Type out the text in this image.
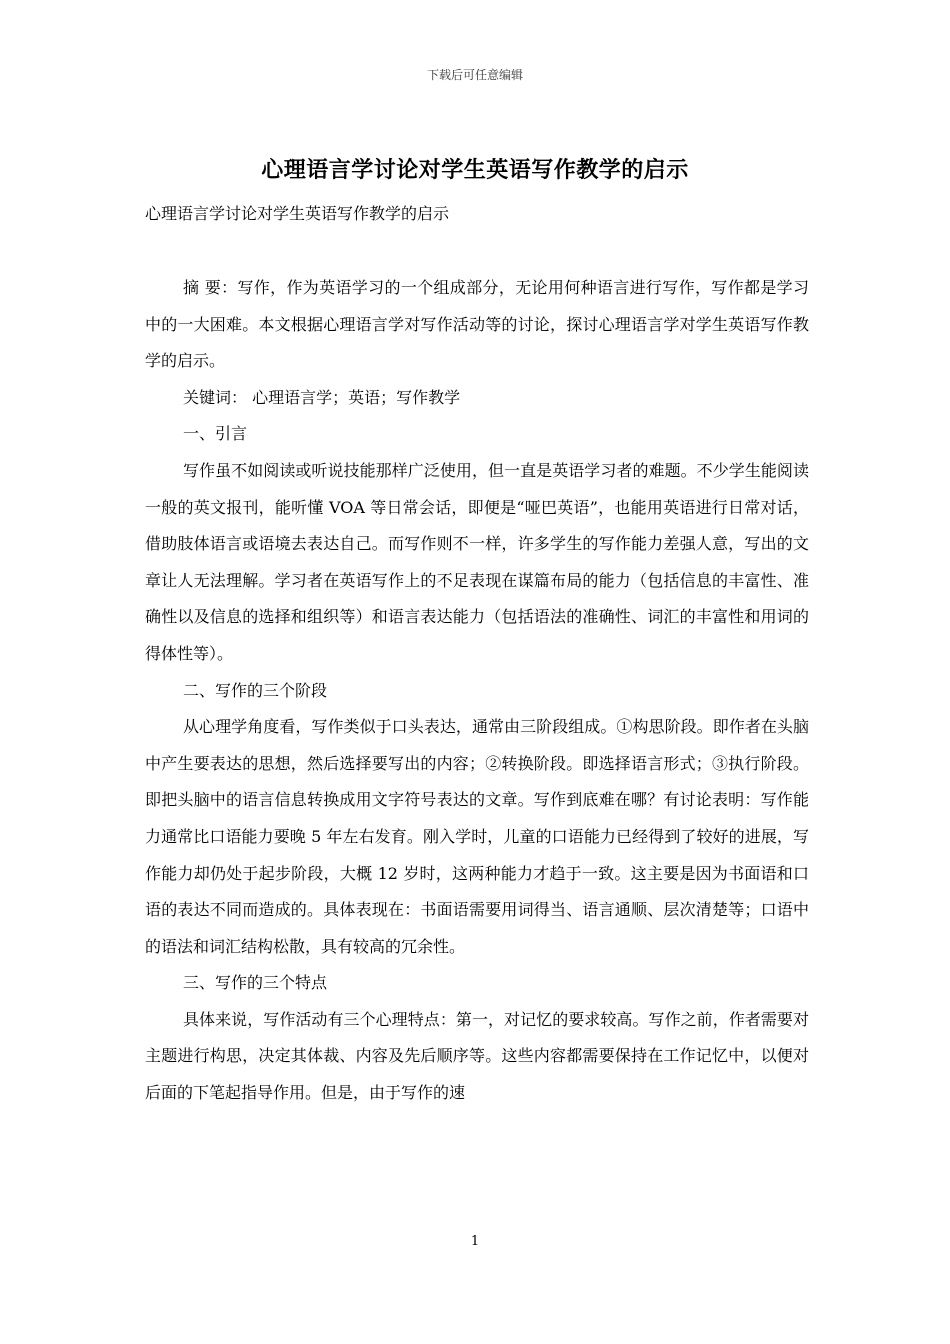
下载后可任意编辑
心理语言学讨论对学生英语写作教学的启示
心理语言学讨论对学生英语写作教学的启示

摘 要：写作，作为英语学习的一个组成部分，无论用何种语言进行写作，写作都是学习中的一大困难。本文根据心理语言学对写作活动等的讨论，探讨心理语言学对学生英语写作教学的启示。

关键词： 心理语言学；英语；写作教学

一、引言

写作虽不如阅读或听说技能那样广泛使用，但一直是英语学习者的难题。不少学生能阅读一般的英文报刊，能听懂 VOA 等日常会话，即便是“哑巴英语”，也能用英语进行日常对话，借助肢体语言或语境去表达自己。而写作则不一样，许多学生的写作能力差强人意，写出的文章让人无法理解。学习者在英语写作上的不足表现在谋篇布局的能力（包括信息的丰富性、准确性以及信息的选择和组织等）和语言表达能力（包括语法的准确性、词汇的丰富性和用词的得体性等）。

二、写作的三个阶段

从心理学角度看，写作类似于口头表达，通常由三阶段组成。①构思阶段。即作者在头脑中产生要表达的思想，然后选择要写出的内容；②转换阶段。即选择语言形式；③执行阶段。即把头脑中的语言信息转换成用文字符号表达的文章。写作到底难在哪？有讨论表明：写作能力通常比口语能力要晚 5 年左右发育。刚入学时，儿童的口语能力已经得到了较好的进展，写作能力却仍处于起步阶段，大概 12 岁时，这两种能力才趋于一致。这主要是因为书面语和口语的表达不同而造成的。具体表现在：书面语需要用词得当、语言通顺、层次清楚等；口语中的语法和词汇结构松散，具有较高的冗余性。

三、写作的三个特点

具体来说，写作活动有三个心理特点：第一，对记忆的要求较高。写作之前，作者需要对主题进行构思，决定其体裁、内容及先后顺序等。这些内容都需要保持在工作记忆中，以便对后面的下笔起指导作用。但是，由于写作的速

1
